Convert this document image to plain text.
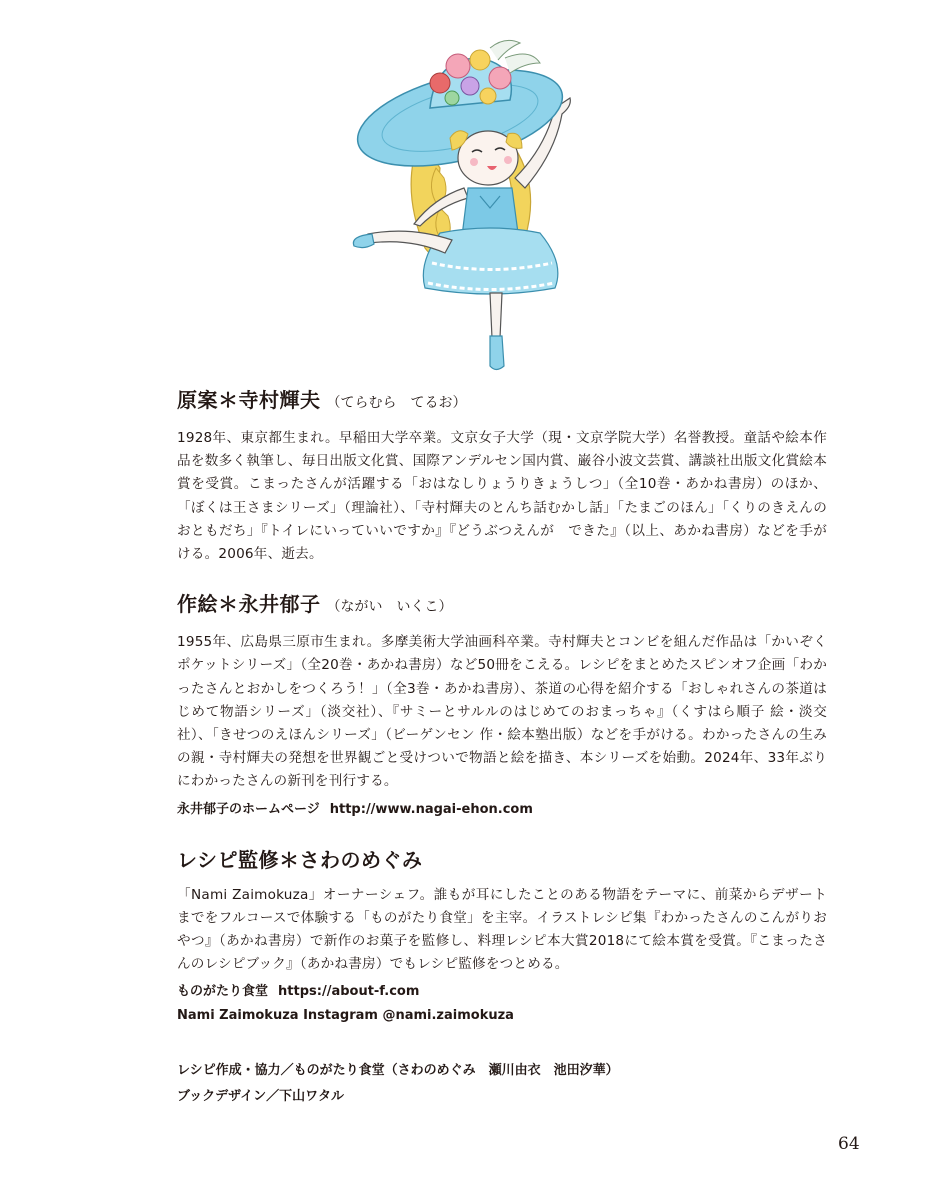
原案＊寺村輝夫 （てらむら　てるお）

1928年、東京都生まれ。早稲田大学卒業。文京女子大学（現・文京学院大学）名誉教授。童話や絵本作品を数多く執筆し、毎日出版文化賞、国際アンデルセン国内賞、巌谷小波文芸賞、講談社出版文化賞絵本賞を受賞。こまったさんが活躍する「おはなしりょうりきょうしつ」（全10巻・あかね書房）のほか、「ぼくは王さまシリーズ」（理論社）、「寺村輝夫のとんち話むかし話」「たまごのほん」「くりのきえんのおともだち」『トイレにいっていいですか』『どうぶつえんが　できた』（以上、あかね書房）などを手がける。2006年、逝去。

作絵＊永井郁子 （ながい　いくこ）

1955年、広島県三原市生まれ。多摩美術大学油画科卒業。寺村輝夫とコンビを組んだ作品は「かいぞくポケットシリーズ」（全20巻・あかね書房）など50冊をこえる。レシピをまとめたスピンオフ企画「わかったさんとおかしをつくろう！」（全3巻・あかね書房）、茶道の心得を紹介する「おしゃれさんの茶道はじめて物語シリーズ」（淡交社）、『サミーとサルルのはじめてのおまっちゃ』（くすはら順子 絵・淡交社）、「きせつのえほんシリーズ」（ビーゲンセン 作・絵本塾出版）などを手がける。わかったさんの生みの親・寺村輝夫の発想を世界観ごと受けついで物語と絵を描き、本シリーズを始動。2024年、33年ぶりにわかったさんの新刊を刊行する。

永井郁子のホームページ http://www.nagai-ehon.com
レシピ監修＊さわのめぐみ

「Nami Zaimokuza」オーナーシェフ。誰もが耳にしたことのある物語をテーマに、前菜からデザートまでをフルコースで体験する「ものがたり食堂」を主宰。イラストレシピ集『わかったさんのこんがりおやつ』（あかね書房）で新作のお菓子を監修し、料理レシピ本大賞2018にて絵本賞を受賞。『こまったさんのレシピブック』（あかね書房）でもレシピ監修をつとめる。

ものがたり食堂 https://about-f.com

Nami Zaimokuza Instagram @nami.zaimokuza

レシピ作成・協力／ものがたり食堂（さわのめぐみ　瀬川由衣　池田汐華）

ブックデザイン／下山ワタル

64
